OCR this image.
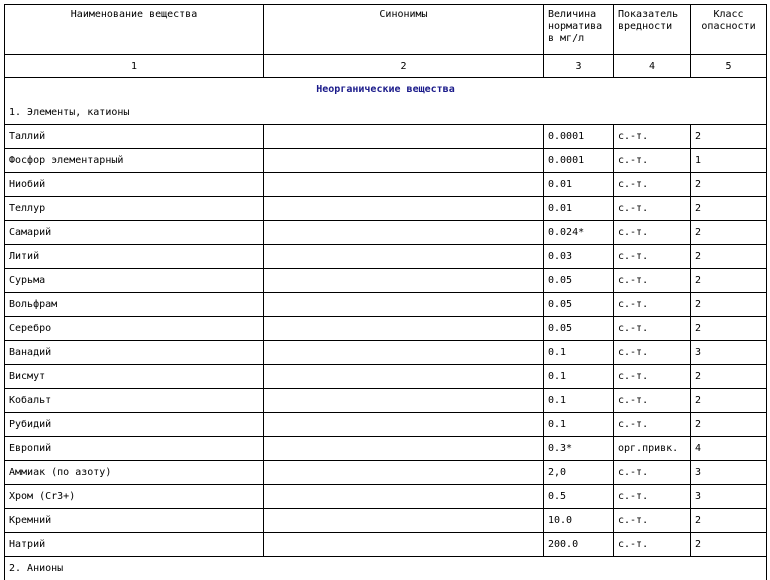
Наименование вещества	Синонимы	Величина норматива в мг/л	Показатель вредности	Класс опасности
1	2	3	4	5
Неорганические вещества				
1. Элементы, катионы				
Таллий		0.0001	с.-т.	2
Фосфор элементарный		0.0001	с.-т.	1
Ниобий		0.01	с.-т.	2
Теллур		0.01	с.-т.	2
Самарий		0.024*	с.-т.	2
Литий		0.03	с.-т.	2
Сурьма		0.05	с.-т.	2
Вольфрам		0.05	с.-т.	2
Серебро		0.05	с.-т.	2
Ванадий		0.1	с.-т.	3
Висмут		0.1	с.-т.	2
Кобальт		0.1	с.-т.	2
Рубидий		0.1	с.-т.	2
Европий		0.3*	орг.привк.	4
Аммиак (по азоту)		2,0	с.-т.	3
Хром (Cr3+)		0.5	с.-т.	3
Кремний		10.0	с.-т.	2
Натрий		200.0	с.-т.	2
2. Анионы				
